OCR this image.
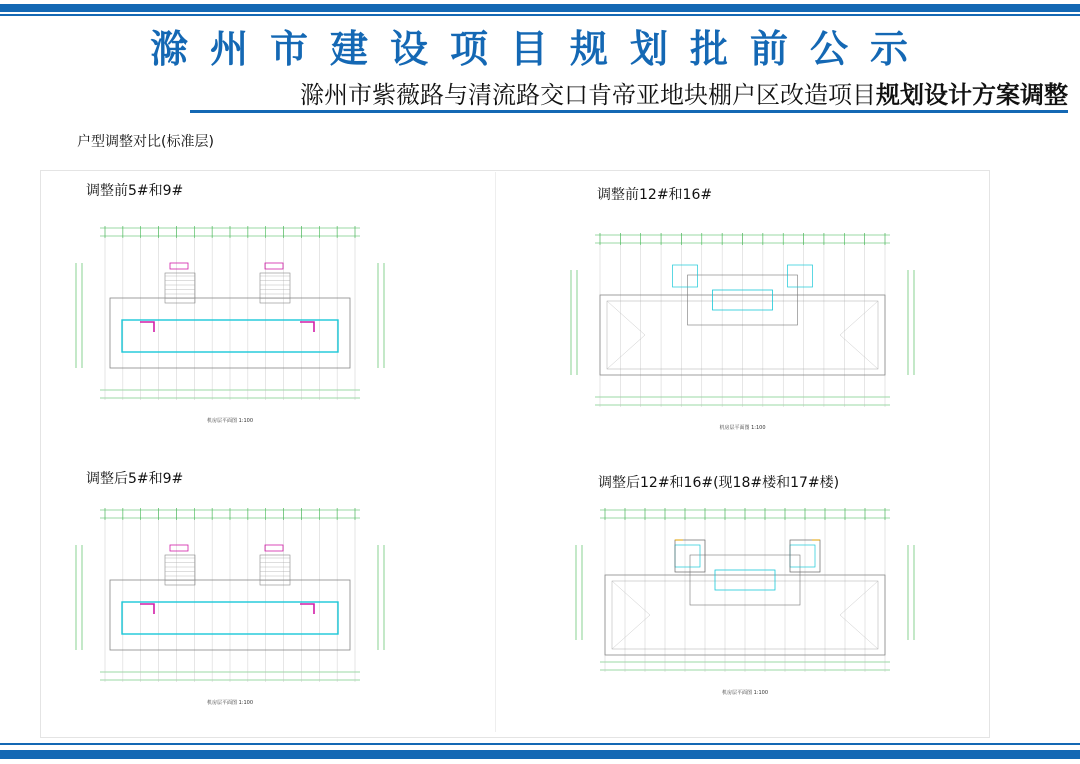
滁州市建设项目规划批前公示
滁州市紫薇路与清流路交口肯帝亚地块棚户区改造项目规划设计方案调整
户型调整对比(标准层)
调整前5#和9#
机房层平面图 1:100
调整前12#和16#
机房层平面图 1:100
调整后5#和9#
机房层平面图 1:100
调整后12#和16#(现18#楼和17#楼)
机房层平面图 1:100
